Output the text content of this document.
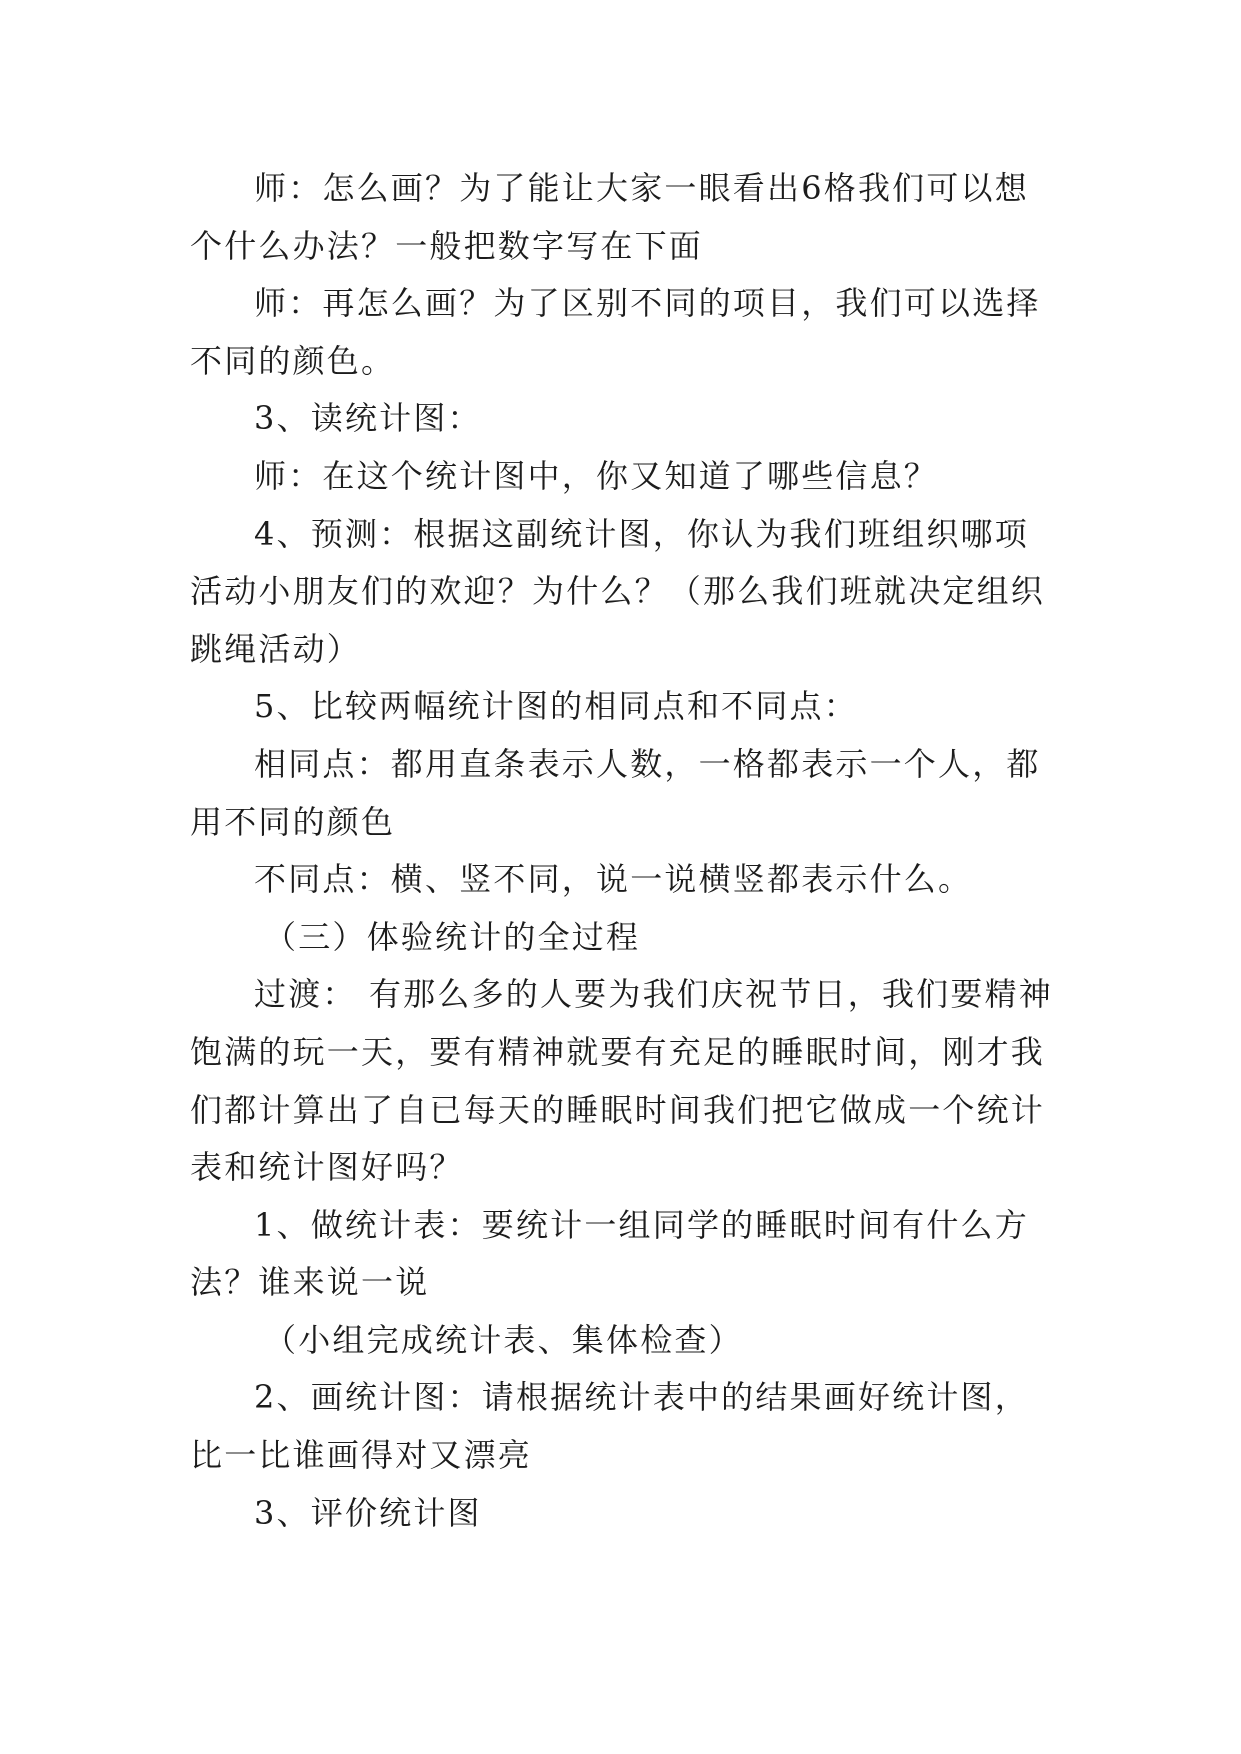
师：怎么画？为了能让大家一眼看出6格我们可以想个什么办法？一般把数字写在下面

师：再怎么画？为了区别不同的项目，我们可以选择不同的颜色。

3、读统计图：

师：在这个统计图中，你又知道了哪些信息？

4、预测：根据这副统计图，你认为我们班组织哪项活动小朋友们的欢迎？为什么？（那么我们班就决定组织跳绳活动）

5、比较两幅统计图的相同点和不同点：

相同点：都用直条表示人数，一格都表示一个人，都用不同的颜色

不同点：横、竖不同，说一说横竖都表示什么。

（三）体验统计的全过程

过渡： 有那么多的人要为我们庆祝节日，我们要精神饱满的玩一天，要有精神就要有充足的睡眠时间，刚才我们都计算出了自已每天的睡眠时间我们把它做成一个统计表和统计图好吗？

1、做统计表：要统计一组同学的睡眠时间有什么方法？谁来说一说

（小组完成统计表、集体检查）

2、画统计图：请根据统计表中的结果画好统计图，比一比谁画得对又漂亮

3、评价统计图
